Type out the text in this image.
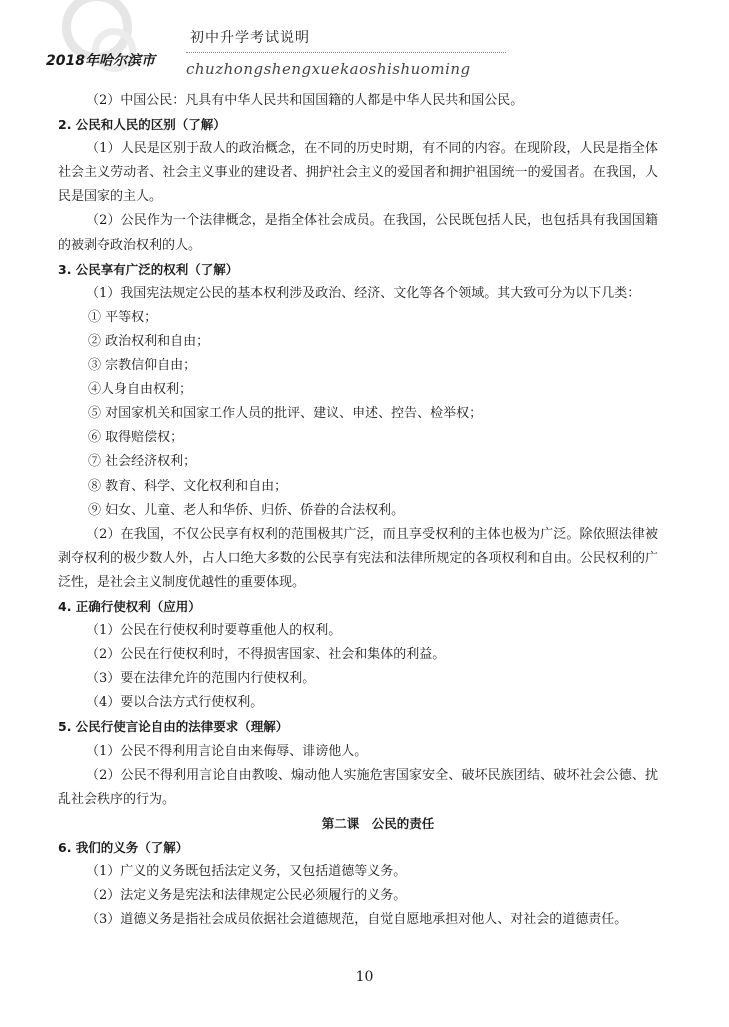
初中升学考试说明
2018年哈尔滨市 chuzhongshengxuekaoshishuoming

（2）中国公民：凡具有中华人民共和国国籍的人都是中华人民共和国公民。

2. 公民和人民的区别（了解）

（1）人民是区别于敌人的政治概念，在不同的历史时期，有不同的内容。在现阶段，人民是指全体社会主义劳动者、社会主义事业的建设者、拥护社会主义的爱国者和拥护祖国统一的爱国者。在我国，人民是国家的主人。

（2）公民作为一个法律概念，是指全体社会成员。在我国，公民既包括人民，也包括具有我国国籍的被剥夺政治权利的人。

3. 公民享有广泛的权利（了解）

（1）我国宪法规定公民的基本权利涉及政治、经济、文化等各个领域。其大致可分为以下几类：

① 平等权；

② 政治权利和自由；

③ 宗教信仰自由；

④人身自由权利；

⑤ 对国家机关和国家工作人员的批评、建议、申述、控告、检举权；

⑥ 取得赔偿权；

⑦ 社会经济权利；

⑧ 教育、科学、文化权利和自由；

⑨ 妇女、儿童、老人和华侨、归侨、侨眷的合法权利。

（2）在我国，不仅公民享有权利的范围极其广泛，而且享受权利的主体也极为广泛。除依照法律被剥夺权利的极少数人外，占人口绝大多数的公民享有宪法和法律所规定的各项权利和自由。公民权利的广泛性，是社会主义制度优越性的重要体现。

4. 正确行使权利（应用）

（1）公民在行使权利时要尊重他人的权利。

（2）公民在行使权利时，不得损害国家、社会和集体的利益。

（3）要在法律允许的范围内行使权利。

（4）要以合法方式行使权利。

5. 公民行使言论自由的法律要求（理解）

（1）公民不得利用言论自由来侮辱、诽谤他人。

（2）公民不得利用言论自由教唆、煽动他人实施危害国家安全、破坏民族团结、破坏社会公德、扰乱社会秩序的行为。

第二课　公民的责任
6. 我们的义务（了解）

（1）广义的义务既包括法定义务，又包括道德等义务。

（2）法定义务是宪法和法律规定公民必须履行的义务。

（3）道德义务是指社会成员依据社会道德规范，自觉自愿地承担对他人、对社会的道德责任。

10
